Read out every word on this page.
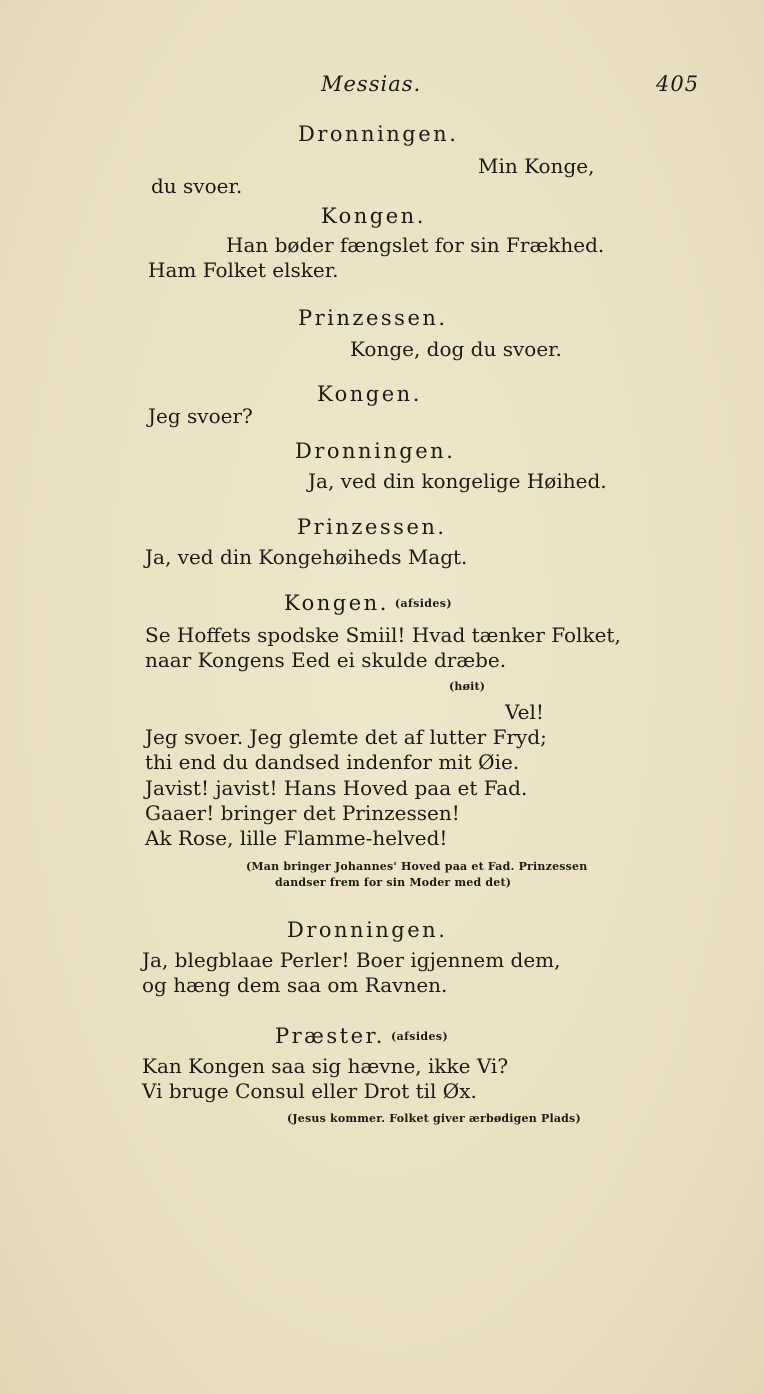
Messias.	405
Dronningen.
Min Konge,
du svoer.
Kongen.
Han bøder fængslet for sin Frækhed.
Ham Folket elsker.
Prinzessen.
Konge, dog du svoer.
Kongen.
Jeg svoer?
Dronningen.
Ja, ved din kongelige Høihed.
Prinzessen.
Ja, ved din Kongehøiheds Magt.
Kongen. (afsides)
Se Hoffets spodske Smiil! Hvad tænker Folket,
naar Kongens Eed ei skulde dræbe.
(høit)
Vel!
Jeg svoer. Jeg glemte det af lutter Fryd;
thi end du dandsed indenfor mit Øie.
Javist! javist! Hans Hoved paa et Fad.
Gaaer! bringer det Prinzessen!
Ak Rose, lille Flamme-helved!
(Man bringer Johannes' Hoved paa et Fad. Prinzessen
dandser frem for sin Moder med det)
Dronningen.
Ja, blegblaae Perler! Boer igjennem dem,
og hæng dem saa om Ravnen.
Præster. (afsides)
Kan Kongen saa sig hævne, ikke Vi?
Vi bruge Consul eller Drot til Øx.
(Jesus kommer. Folket giver ærbødigen Plads)
